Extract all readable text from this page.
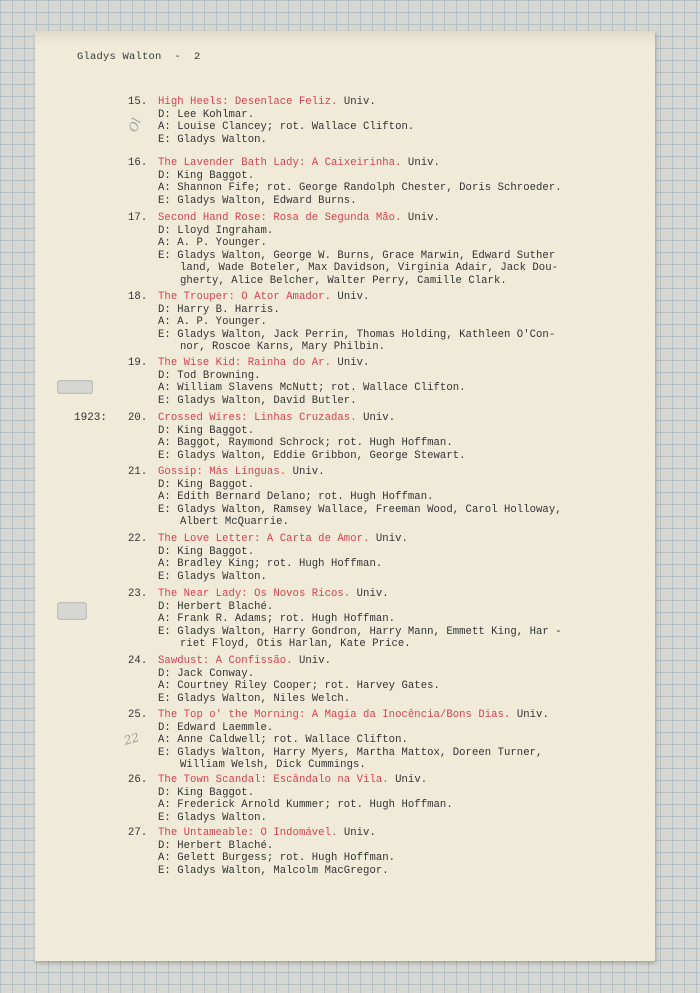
Ol
22
Gladys Walton  -  2
1923:
15. High Heels: Desenlace Feliz. Univ.
D: Lee Kohlmar.
A: Louise Clancey; rot. Wallace Clifton.
E: Gladys Walton.
16. The Lavender Bath Lady: A Caixeirinha. Univ.
D: King Baggot.
A: Shannon Fife; rot. George Randolph Chester, Doris Schroeder.
E: Gladys Walton, Edward Burns.
17. Second Hand Rose: Rosa de Segunda Mão. Univ.
D: Lloyd Ingraham.
A: A. P. Younger.
E: Gladys Walton, George W. Burns, Grace Marwin, Edward Suther
land, Wade Boteler, Max Davidson, Virginia Adair, Jack Dou-
gherty, Alice Belcher, Walter Perry, Camille Clark.
18. The Trouper: O Ator Amador. Univ.
D: Harry B. Harris.
A: A. P. Younger.
E: Gladys Walton, Jack Perrin, Thomas Holding, Kathleen O'Con-
nor, Roscoe Karns, Mary Philbin.
19. The Wise Kid: Rainha do Ar. Univ.
D: Tod Browning.
A: William Slavens McNutt; rot. Wallace Clifton.
E: Gladys Walton, David Butler.
20. Crossed Wires: Linhas Cruzadas. Univ.
D: King Baggot.
A: Baggot, Raymond Schrock; rot. Hugh Hoffman.
E: Gladys Walton, Eddie Gribbon, George Stewart.
21. Gossip: Más Línguas. Univ.
D: King Baggot.
A: Edith Bernard Delano; rot. Hugh Hoffman.
E: Gladys Walton, Ramsey Wallace, Freeman Wood, Carol Holloway,
Albert McQuarrie.
22. The Love Letter: A Carta de Amor. Univ.
D: King Baggot.
A: Bradley King; rot. Hugh Hoffman.
E: Gladys Walton.
23. The Near Lady: Os Novos Ricos. Univ.
D: Herbert Blaché.
A: Frank R. Adams; rot. Hugh Hoffman.
E: Gladys Walton, Harry Gondron, Harry Mann, Emmett King, Har -
riet Floyd, Otis Harlan, Kate Price.
24. Sawdust: A Confissão. Univ.
D: Jack Conway.
A: Courtney Riley Cooper; rot. Harvey Gates.
E: Gladys Walton, Niles Welch.
25. The Top o' the Morning: A Magia da Inocência/Bons Dias. Univ.
D: Edward Laemmle.
A: Anne Caldwell; rot. Wallace Clifton.
E: Gladys Walton, Harry Myers, Martha Mattox, Doreen Turner,
William Welsh, Dick Cummings.
26. The Town Scandal: Escândalo na Vila. Univ.
D: King Baggot.
A: Frederick Arnold Kummer; rot. Hugh Hoffman.
E: Gladys Walton.
27. The Untameable: O Indomável. Univ.
D: Herbert Blaché.
A: Gelett Burgess; rot. Hugh Hoffman.
E: Gladys Walton, Malcolm MacGregor.
